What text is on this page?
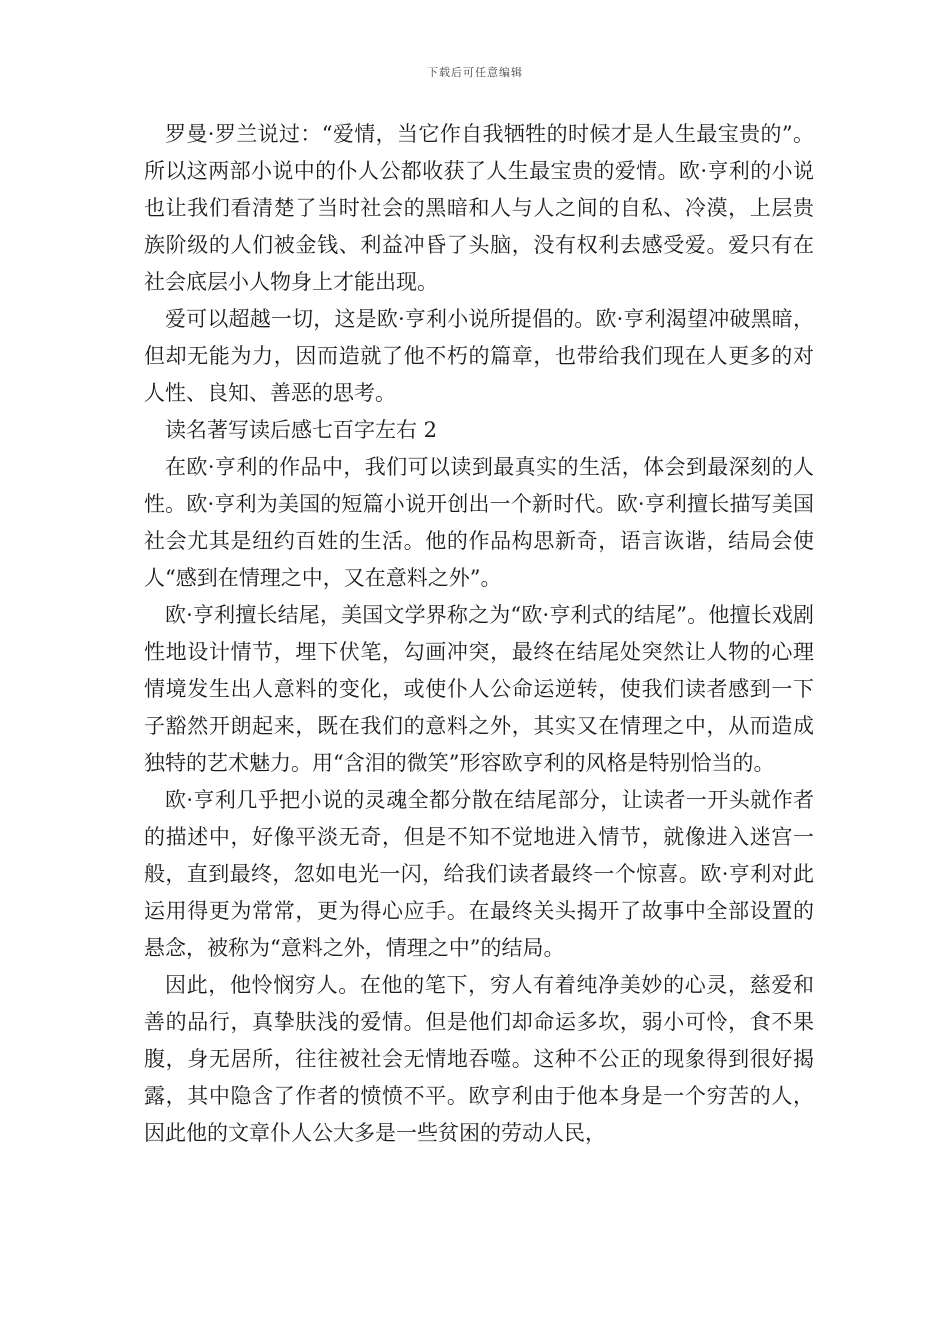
下载后可任意编辑

罗曼·罗兰说过：“爱情，当它作自我牺牲的时候才是人生最宝贵的”。所以这两部小说中的仆人公都收获了人生最宝贵的爱情。欧·亨利的小说也让我们看清楚了当时社会的黑暗和人与人之间的自私、冷漠，上层贵族阶级的人们被金钱、利益冲昏了头脑，没有权利去感受爱。爱只有在社会底层小人物身上才能出现。

爱可以超越一切，这是欧·亨利小说所提倡的。欧·亨利渴望冲破黑暗，但却无能为力，因而造就了他不朽的篇章，也带给我们现在人更多的对人性、良知、善恶的思考。

读名著写读后感七百字左右 2

在欧·亨利的作品中，我们可以读到最真实的生活，体会到最深刻的人性。欧·亨利为美国的短篇小说开创出一个新时代。欧·亨利擅长描写美国社会尤其是纽约百姓的生活。他的作品构思新奇，语言诙谐，结局会使人“感到在情理之中，又在意料之外”。

欧·亨利擅长结尾，美国文学界称之为“欧·亨利式的结尾”。他擅长戏剧性地设计情节，埋下伏笔，勾画冲突，最终在结尾处突然让人物的心理情境发生出人意料的变化，或使仆人公命运逆转，使我们读者感到一下子豁然开朗起来，既在我们的意料之外，其实又在情理之中，从而造成独特的艺术魅力。用“含泪的微笑”形容欧亨利的风格是特别恰当的。

欧·亨利几乎把小说的灵魂全都分散在结尾部分，让读者一开头就作者的描述中，好像平淡无奇，但是不知不觉地进入情节，就像进入迷宫一般，直到最终，忽如电光一闪，给我们读者最终一个惊喜。欧·亨利对此运用得更为常常，更为得心应手。在最终关头揭开了故事中全部设置的悬念，被称为“意料之外，情理之中”的结局。

因此，他怜悯穷人。在他的笔下，穷人有着纯净美妙的心灵，慈爱和善的品行，真挚肤浅的爱情。但是他们却命运多坎，弱小可怜，食不果腹，身无居所，往往被社会无情地吞噬。这种不公正的现象得到很好揭露，其中隐含了作者的愤愤不平。欧亨利由于他本身是一个穷苦的人，因此他的文章仆人公大多是一些贫困的劳动人民，
